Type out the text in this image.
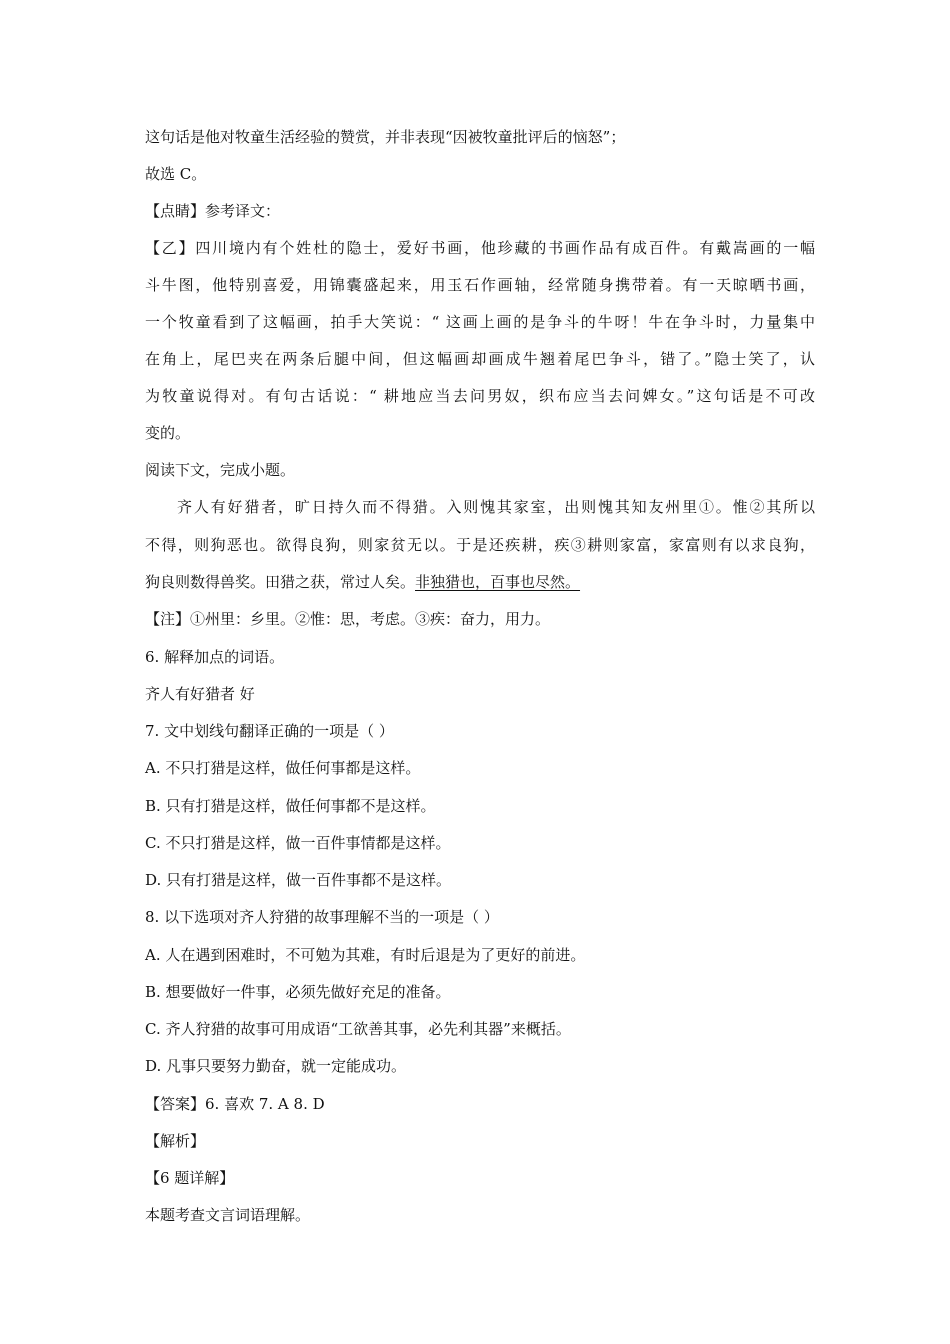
这句话是他对牧童生活经验的赞赏，并非表现“因被牧童批评后的恼怒”；
故选 C。
【点睛】参考译文：
【乙】四川境内有个姓杜的隐士，爱好书画，他珍藏的书画作品有成百件。有戴嵩画的一幅
斗牛图，他特别喜爱，用锦囊盛起来，用玉石作画轴，经常随身携带着。有一天晾晒书画，
一个牧童看到了这幅画，拍手大笑说：“ 这画上画的是争斗的牛呀！牛在争斗时，力量集中
在角上，尾巴夹在两条后腿中间，但这幅画却画成牛翘着尾巴争斗，错了。”隐士笑了，认
为牧童说得对。有句古话说：“ 耕地应当去问男奴，织布应当去问婢女。”这句话是不可改
变的。
阅读下文，完成小题。
齐人有好猎者，旷日持久而不得猎。入则愧其家室，出则愧其知友州里①。惟②其所以
不得，则狗恶也。欲得良狗，则家贫无以。于是还疾耕，疾③耕则家富，家富则有以求良狗，
狗良则数得兽奖。田猎之获，常过人矣。非独猎也，百事也尽然。
【注】①州里：乡里。②惟：思，考虑。③疾：奋力，用力。
6. 解释加点的词语。
齐人有好猎者 好
7. 文中划线句翻译正确的一项是（ ）
A. 不只打猎是这样，做任何事都是这样。
B. 只有打猎是这样，做任何事都不是这样。
C. 不只打猎是这样，做一百件事情都是这样。
D. 只有打猎是这样，做一百件事都不是这样。
8. 以下选项对齐人狩猎的故事理解不当的一项是（ ）
A. 人在遇到困难时，不可勉为其难，有时后退是为了更好的前进。
B. 想要做好一件事，必须先做好充足的准备。
C. 齐人狩猎的故事可用成语“工欲善其事，必先利其器”来概括。
D. 凡事只要努力勤奋，就一定能成功。
【答案】6. 喜欢 7. A 8. D
【解析】
【6 题详解】
本题考查文言词语理解。
